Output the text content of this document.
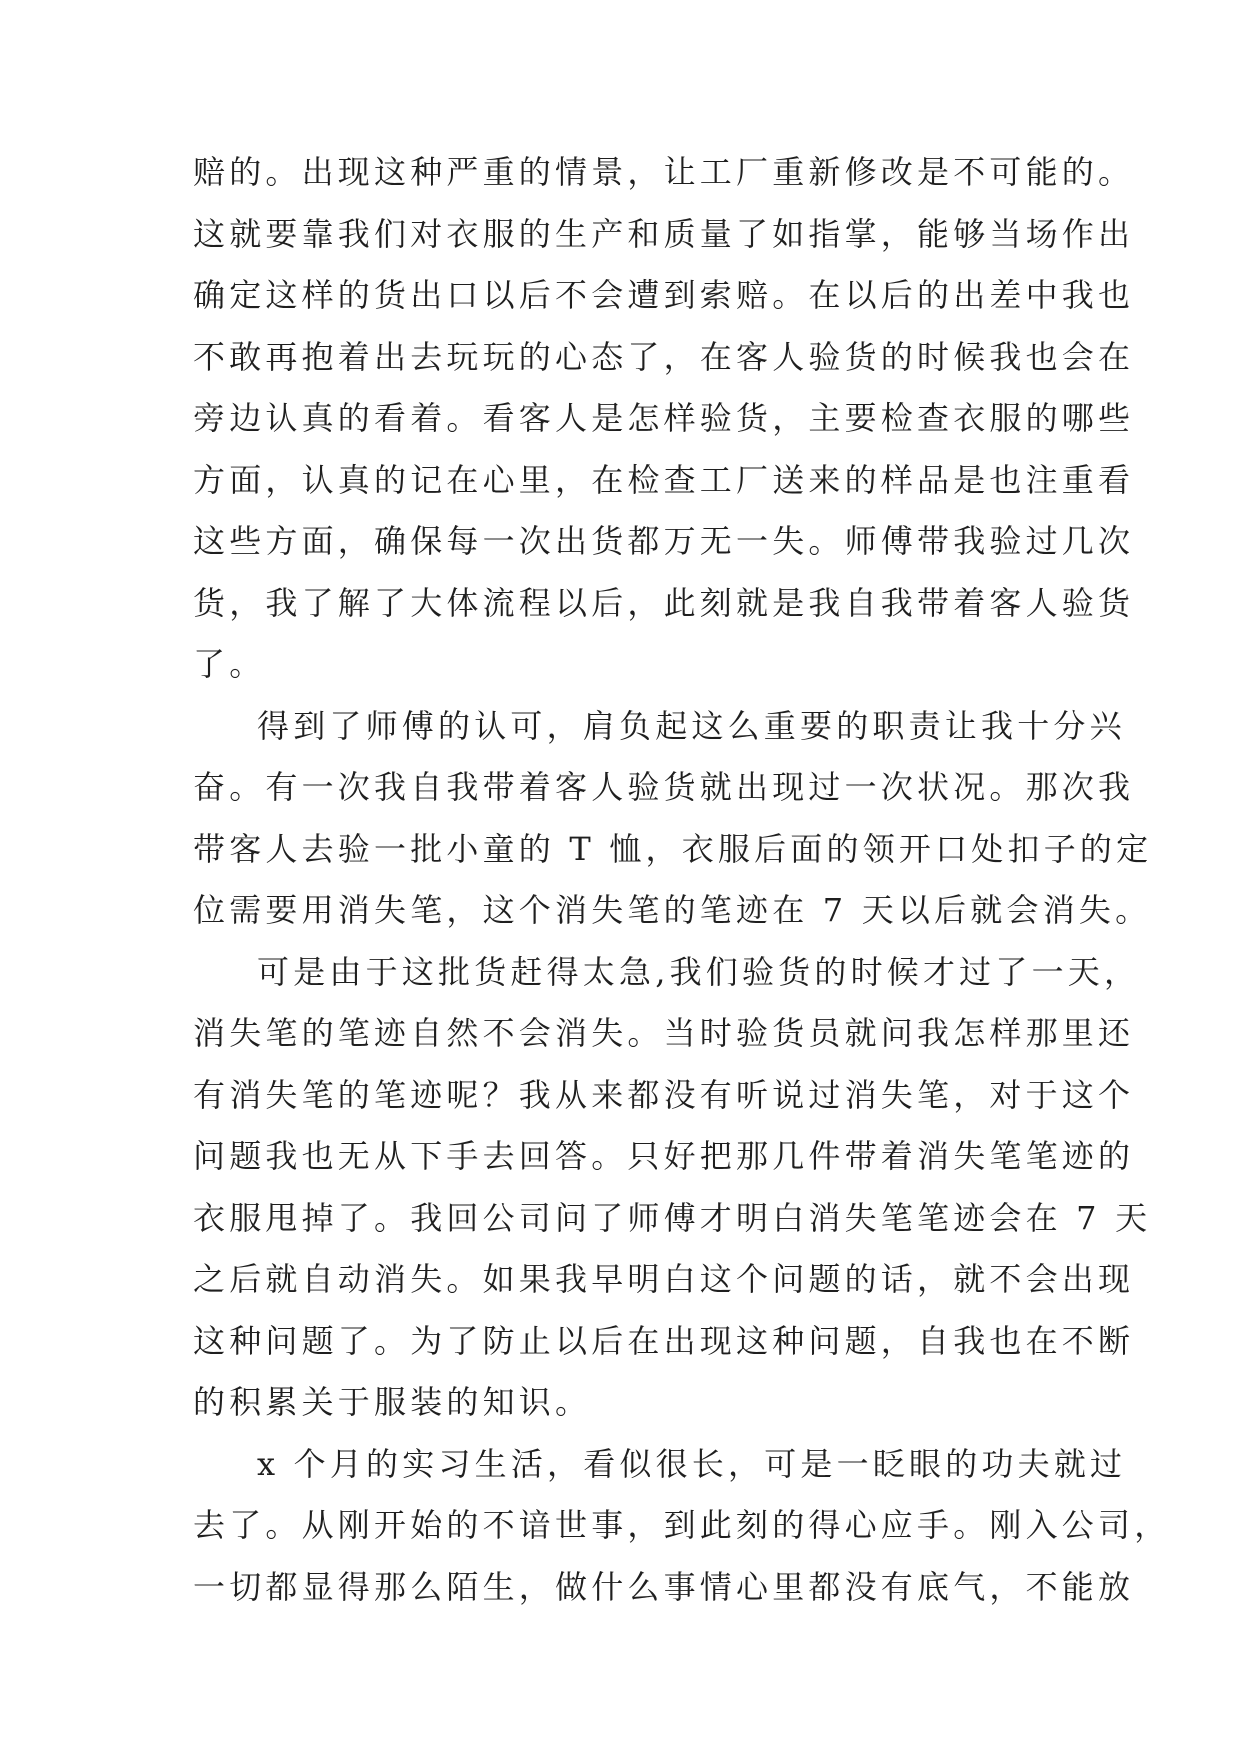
赔的。出现这种严重的情景，让工厂重新修改是不可能的。
这就要靠我们对衣服的生产和质量了如指掌，能够当场作出
确定这样的货出口以后不会遭到索赔。在以后的出差中我也
不敢再抱着出去玩玩的心态了，在客人验货的时候我也会在
旁边认真的看着。看客人是怎样验货，主要检查衣服的哪些
方面，认真的记在心里，在检查工厂送来的样品是也注重看
这些方面，确保每一次出货都万无一失。师傅带我验过几次
货，我了解了大体流程以后，此刻就是我自我带着客人验货
了。
得到了师傅的认可，肩负起这么重要的职责让我十分兴
奋。有一次我自我带着客人验货就出现过一次状况。那次我
带客人去验一批小童的 T 恤，衣服后面的领开口处扣子的定
位需要用消失笔，这个消失笔的笔迹在 7 天以后就会消失。
可是由于这批货赶得太急,我们验货的时候才过了一天，
消失笔的笔迹自然不会消失。当时验货员就问我怎样那里还
有消失笔的笔迹呢？我从来都没有听说过消失笔，对于这个
问题我也无从下手去回答。只好把那几件带着消失笔笔迹的
衣服甩掉了。我回公司问了师傅才明白消失笔笔迹会在 7 天
之后就自动消失。如果我早明白这个问题的话，就不会出现
这种问题了。为了防止以后在出现这种问题，自我也在不断
的积累关于服装的知识。
x 个月的实习生活，看似很长，可是一眨眼的功夫就过
去了。从刚开始的不谙世事，到此刻的得心应手。刚入公司，
一切都显得那么陌生，做什么事情心里都没有底气，不能放
